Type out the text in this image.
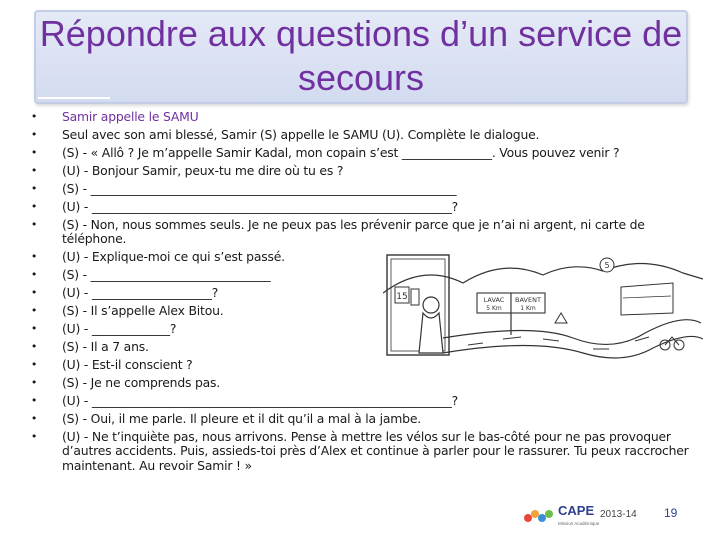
Répondre aux questions d’un service de secours
• Samir appelle le SAMU
• Seul avec son ami blessé, Samir (S) appelle le SAMU (U). Complète le dialogue.
• (S) - « Allô ? Je m’appelle Samir Kadal, mon copain s’est _______________. Vous pouvez venir ?
• (U) - Bonjour Samir, peux-tu me dire où tu es ?
• (S) - _____________________________________________________________
• (U) - ____________________________________________________________?
• (S) - Non, nous sommes seuls. Je ne peux pas les prévenir parce que je n’ai ni argent, ni carte de téléphone.
• (U) - Explique-moi ce qui s’est passé.
• (S) - ______________________________
• (U) - ____________________?
• (S) - Il s’appelle Alex Bitou.
• (U) - _____________?
• (S) - Il a 7 ans.
• (U) - Est-il conscient ?
• (S) - Je ne comprends pas.
• (U) - ____________________________________________________________?
• (S) - Oui, il me parle. Il pleure et il dit qu’il a mal à la jambe.
• (U) - Ne t’inquiète pas, nous arrivons. Pense à mettre les vélos sur le bas-côté pour ne pas provoquer d’autres accidents. Puis, assieds-toi près d’Alex et continue à parler pour le rassurer. Tu peux raccrocher maintenant. Au revoir Samir ! »
15	LAVAC
5 Km
BAVENT
1 Km
5
CAPE
Mission Académique
2013-14 19
